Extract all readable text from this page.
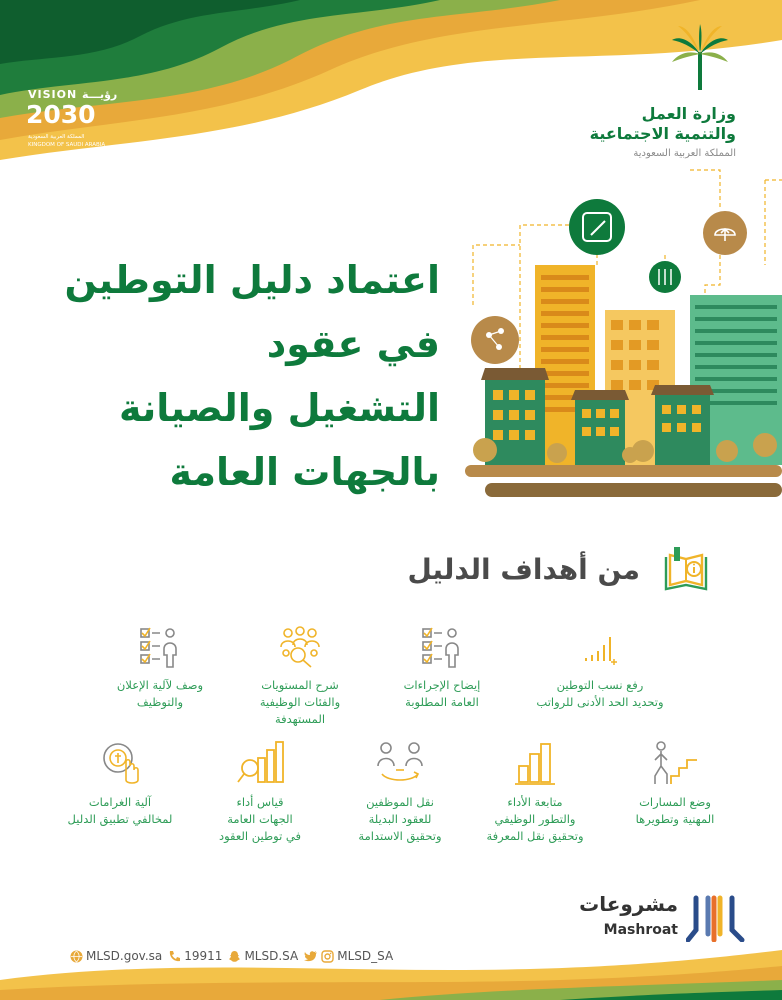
VISION رؤيـــة
2030
المملكة العربية السعودية
KINGDOM OF SAUDI ARABIA
وزارة العمل
والتنمية الاجتماعية
المملكة العربية السعودية
اعتماد دليل التوطين
في عقود
التشغيل والصيانة
بالجهات العامة
من أهداف الدليل
رفع نسب التوطين
وتحديد الحد الأدنى للرواتب
إيضاح الإجراءات
العامة المطلوبة
شرح المستويات
والفئات الوظيفية
المستهدفة
وصف لآلية الإعلان
والتوظيف
وضع المسارات
المهنية وتطويرها
متابعة الأداء
والتطور الوظيفي
وتحقيق نقل المعرفة
نقل الموظفين
للعقود البديلة
وتحقيق الاستدامة
قياس أداء
الجهات العامة
في توطين العقود
آلية الغرامات
لمخالفي تطبيق الدليل
مشروعات
Mashroat
MLSD.gov.sa 19911 MLSD.SA	MLSD_SA
